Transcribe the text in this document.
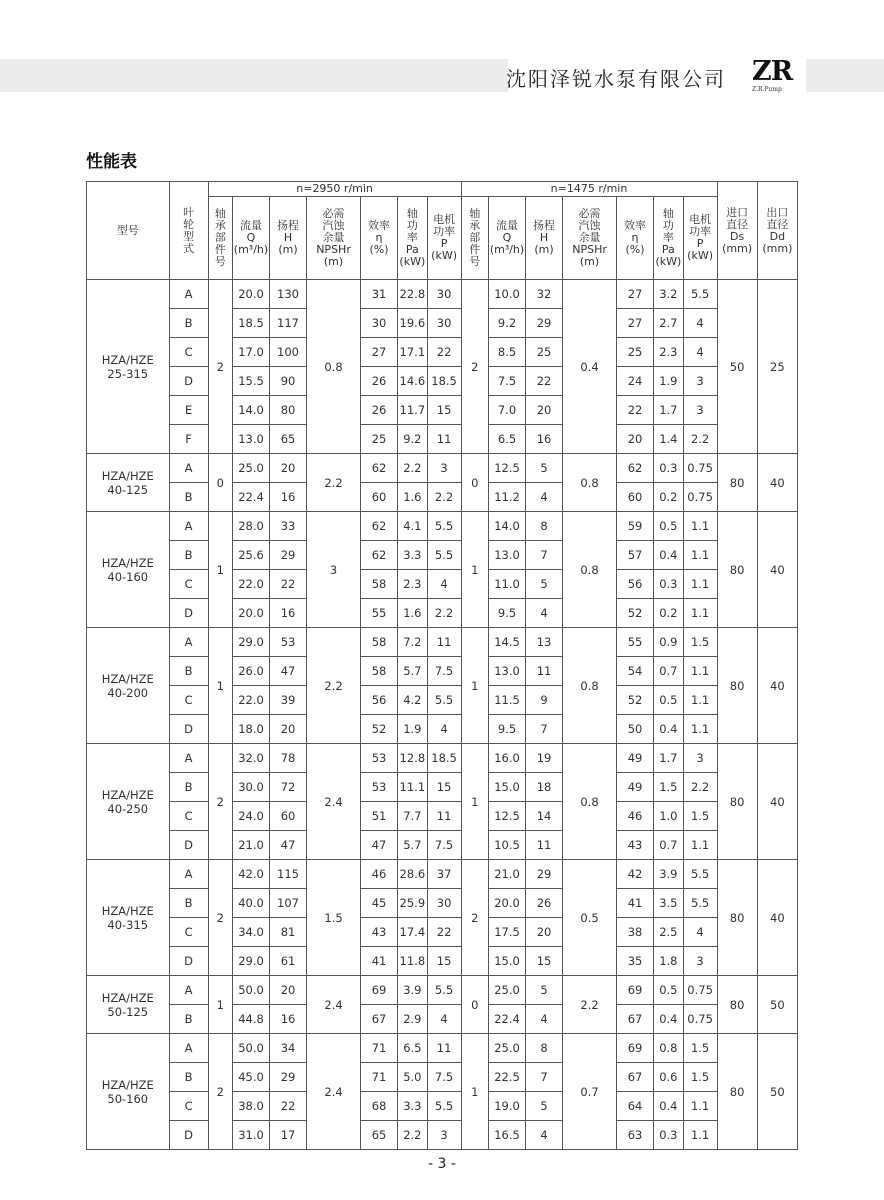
沈阳泽锐水泵有限公司 ZR
Z.R.Pump
性能表
型号	叶
轮
型
式	n=2950 r/min							n=1475 r/min							进口
直径
Ds
(mm)	出口
直径
Dd
(mm)

		轴
承
部
件
号	流量
Q
(m³/h)	扬程
H
(m)	必需
汽蚀
余量
NPSHr
(m)	效率
η
(%)	轴
功
率
Pa
(kW)	电机
功率
P
(kW)	轴
承
部
件
号	流量
Q
(m³/h)	扬程
H
(m)	必需
汽蚀
余量
NPSHr
(m)	效率
η
(%)	轴
功
率
Pa
(kW)	电机
功率
P
(kW)		

HZA/HZE
25-315	A	2	20.0	130	0.8	31	22.8	30	2	10.0	32	0.4	27	3.2	5.5	50	25
	B		18.5	117		30	19.6	30		9.2	29		27	2.7	4		
	C		17.0	100		27	17.1	22		8.5	25		25	2.3	4		
	D		15.5	90		26	14.6	18.5		7.5	22		24	1.9	3		
	E		14.0	80		26	11.7	15		7.0	20		22	1.7	3		
	F		13.0	65		25	9.2	11		6.5	16		20	1.4	2.2		

HZA/HZE
40-125	A	0	25.0	20	2.2	62	2.2	3	0	12.5	5	0.8	62	0.3	0.75	80	40
	B		22.4	16		60	1.6	2.2		11.2	4		60	0.2	0.75		

HZA/HZE
40-160	A	1	28.0	33	3	62	4.1	5.5	1	14.0	8	0.8	59	0.5	1.1	80	40
	B		25.6	29		62	3.3	5.5		13.0	7		57	0.4	1.1		
	C		22.0	22		58	2.3	4		11.0	5		56	0.3	1.1		
	D		20.0	16		55	1.6	2.2		9.5	4		52	0.2	1.1		

HZA/HZE
40-200	A	1	29.0	53	2.2	58	7.2	11	1	14.5	13	0.8	55	0.9	1.5	80	40
	B		26.0	47		58	5.7	7.5		13.0	11		54	0.7	1.1		
	C		22.0	39		56	4.2	5.5		11.5	9		52	0.5	1.1		
	D		18.0	20		52	1.9	4		9.5	7		50	0.4	1.1		

HZA/HZE
40-250	A	2	32.0	78	2.4	53	12.8	18.5	1	16.0	19	0.8	49	1.7	3	80	40
	B		30.0	72		53	11.1	15		15.0	18		49	1.5	2.2		
	C		24.0	60		51	7.7	11		12.5	14		46	1.0	1.5		
	D		21.0	47		47	5.7	7.5		10.5	11		43	0.7	1.1		

HZA/HZE
40-315	A	2	42.0	115	1.5	46	28.6	37	2	21.0	29	0.5	42	3.9	5.5	80	40
	B		40.0	107		45	25.9	30		20.0	26		41	3.5	5.5		
	C		34.0	81		43	17.4	22		17.5	20		38	2.5	4		
	D		29.0	61		41	11.8	15		15.0	15		35	1.8	3		

HZA/HZE
50-125	A	1	50.0	20	2.4	69	3.9	5.5	0	25.0	5	2.2	69	0.5	0.75	80	50
	B		44.8	16		67	2.9	4		22.4	4		67	0.4	0.75		

HZA/HZE
50-160	A	2	50.0	34	2.4	71	6.5	11	1	25.0	8	0.7	69	0.8	1.5	80	50
	B		45.0	29		71	5.0	7.5		22.5	7		67	0.6	1.5		
	C		38.0	22		68	3.3	5.5		19.0	5		64	0.4	1.1		
	D		31.0	17		65	2.2	3		16.5	4		63	0.3	1.1		
- 3 -
